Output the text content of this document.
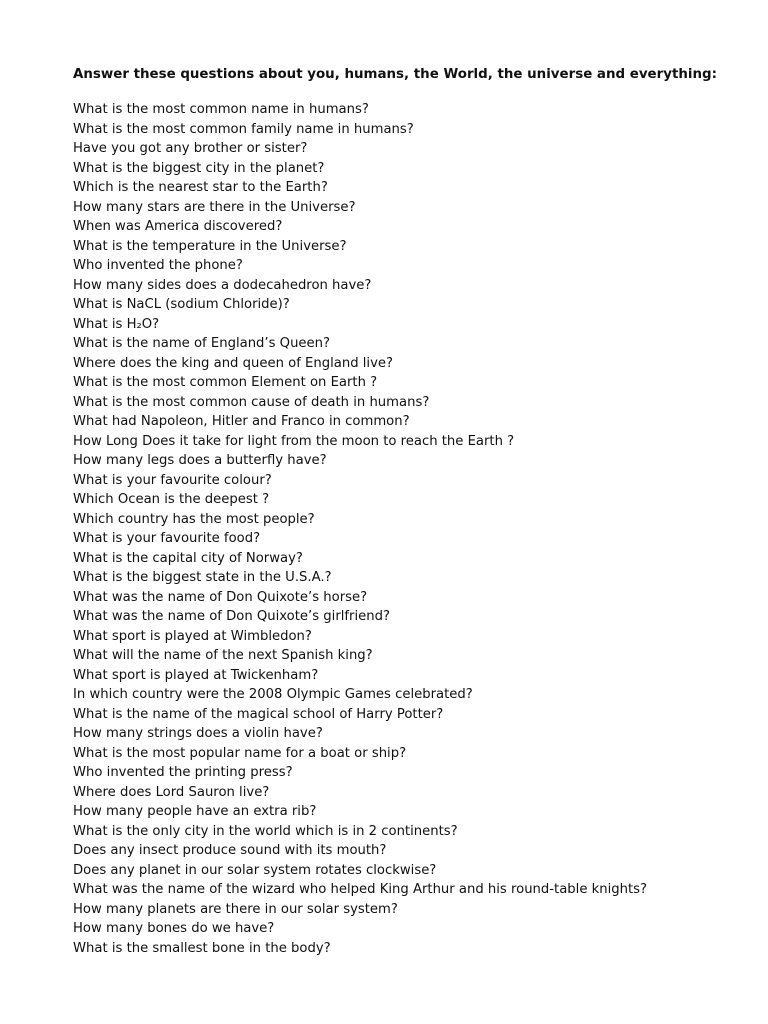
Answer these questions about you, humans, the World, the universe and everything:
What is the most common name in humans?
What is the most common family name in humans?
Have you got any brother or sister?
What is the biggest city in the planet?
Which is the nearest star to the Earth?
How many stars are there in the Universe?
When was America discovered?
What is the temperature in the Universe?
Who invented the phone?
How many sides does a dodecahedron have?
What is NaCL (sodium Chloride)?
What is H₂O?
What is the name of England’s Queen?
Where does the king and queen of England live?
What is the most common Element on Earth ?
What is the most common cause of death in humans?
What had Napoleon, Hitler and Franco in common?
How Long Does it take for light from the moon to reach the Earth ?
How many legs does a butterfly have?
What is your favourite colour?
Which Ocean is the deepest ?
Which country has the most people?
What is your favourite food?
What is the capital city of Norway?
What is the biggest state in the U.S.A.?
What was the name of Don Quixote’s horse?
What was the name of Don Quixote’s girlfriend?
What sport is played at Wimbledon?
What will the name of the next Spanish king?
What sport is played at Twickenham?
In which country were the 2008 Olympic Games celebrated?
What is the name of the magical school of Harry Potter?
How many strings does a violin have?
What is the most popular name for a boat or ship?
Who invented the printing press?
Where does Lord Sauron live?
How many people have an extra rib?
What is the only city in the world which is in 2 continents?
Does any insect produce sound with its mouth?
Does any planet in our solar system rotates clockwise?
What was the name of the wizard who helped King Arthur and his round-table knights?
How many planets are there in our solar system?
How many bones do we have?
What is the smallest bone in the body?
